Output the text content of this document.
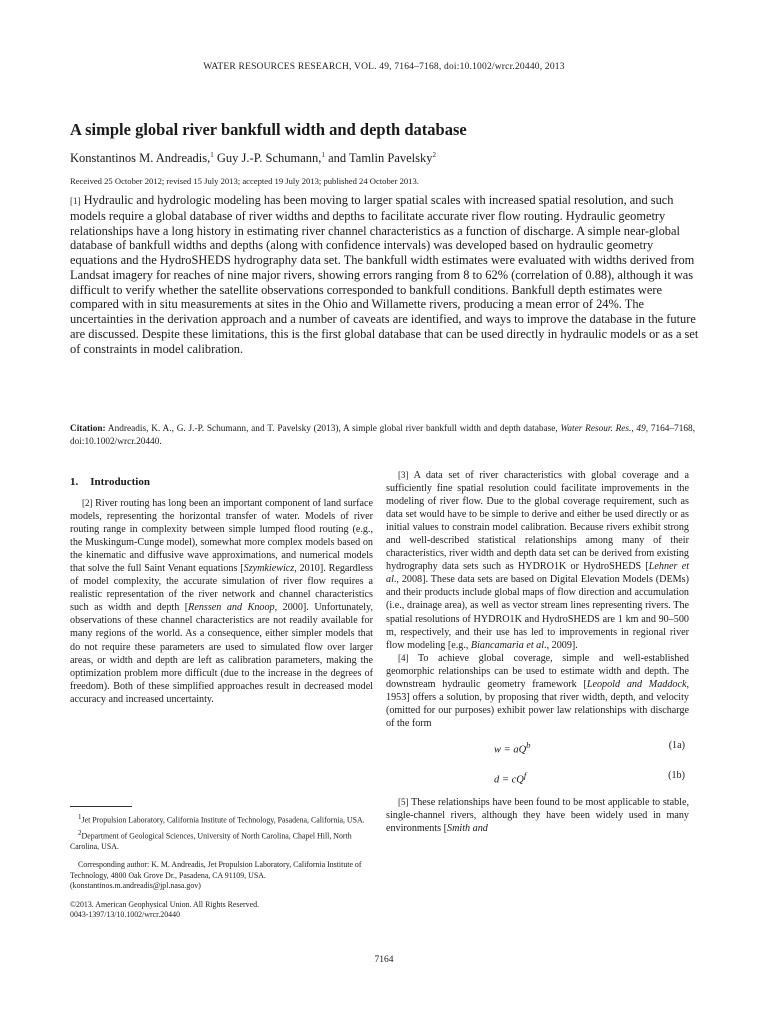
WATER RESOURCES RESEARCH, VOL. 49, 7164–7168, doi:10.1002/wrcr.20440, 2013
A simple global river bankfull width and depth database
Konstantinos M. Andreadis,$^1$ Guy J.-P. Schumann,$^1$ and Tamlin Pavelsky$^2$
Received 25 October 2012; revised 15 July 2013; accepted 19 July 2013; published 24 October 2013.
[1] Hydraulic and hydrologic modeling has been moving to larger spatial scales with increased spatial resolution, and such models require a global database of river widths and depths to facilitate accurate river flow routing. Hydraulic geometry relationships have a long history in estimating river channel characteristics as a function of discharge. A simple near-global database of bankfull widths and depths (along with confidence intervals) was developed based on hydraulic geometry equations and the HydroSHEDS hydrography data set. The bankfull width estimates were evaluated with widths derived from Landsat imagery for reaches of nine major rivers, showing errors ranging from 8 to 62% (correlation of 0.88), although it was difficult to verify whether the satellite observations corresponded to bankfull conditions. Bankfull depth estimates were compared with in situ measurements at sites in the Ohio and Willamette rivers, producing a mean error of 24%. The uncertainties in the derivation approach and a number of caveats are identified, and ways to improve the database in the future are discussed. Despite these limitations, this is the first global database that can be used directly in hydraulic models or as a set of constraints in model calibration.
Citation: Andreadis, K. A., G. J.-P. Schumann, and T. Pavelsky (2013), A simple global river bankfull width and depth database, Water Resour. Res., 49, 7164–7168, doi:10.1002/wrcr.20440.
1. Introduction

[2] River routing has long been an important component of land surface models, representing the horizontal transfer of water. Models of river routing range in complexity between simple lumped flood routing (e.g., the Muskingum-Cunge model), somewhat more complex models based on the kinematic and diffusive wave approximations, and numerical models that solve the full Saint Venant equations [Szymkiewicz, 2010]. Regardless of model complexity, the accurate simulation of river flow requires a realistic representation of the river network and channel characteristics such as width and depth [Renssen and Knoop, 2000]. Unfortunately, observations of these channel characteristics are not readily available for many regions of the world. As a consequence, either simpler models that do not require these parameters are used to simulated flow over larger areas, or width and depth are left as calibration parameters, making the optimization problem more difficult (due to the increase in the degrees of freedom). Both of these simplified approaches result in decreased model accuracy and increased uncertainty.

$^1$Jet Propulsion Laboratory, California Institute of Technology, Pasadena, California, USA.

$^2$Department of Geological Sciences, University of North Carolina, Chapel Hill, North Carolina, USA.

Corresponding author: K. M. Andreadis, Jet Propulsion Laboratory, California Institute of Technology, 4800 Oak Grove Dr., Pasadena, CA 91109, USA. (konstantinos.m.andreadis@jpl.nasa.gov)

©2013. American Geophysical Union. All Rights Reserved.
0043-1397/13/10.1002/wrcr.20440

[3] A data set of river characteristics with global coverage and a sufficiently fine spatial resolution could facilitate improvements in the modeling of river flow. Due to the global coverage requirement, such as data set would have to be simple to derive and either be used directly or as initial values to constrain model calibration. Because rivers exhibit strong and well-described statistical relationships among many of their characteristics, river width and depth data set can be derived from existing hydrography data sets such as HYDRO1K or HydroSHEDS [Lehner et al., 2008]. These data sets are based on Digital Elevation Models (DEMs) and their products include global maps of flow direction and accumulation (i.e., drainage area), as well as vector stream lines representing rivers. The spatial resolutions of HYDRO1K and HydroSHEDS are 1 km and 90–500 m, respectively, and their use has led to improvements in regional river flow modeling [e.g., Biancamaria et al., 2009].

[4] To achieve global coverage, simple and well-established geomorphic relationships can be used to estimate width and depth. The downstream hydraulic geometry framework [Leopold and Maddock, 1953] offers a solution, by proposing that river width, depth, and velocity (omitted for our purposes) exhibit power law relationships with discharge of the form

$w = aQ^b$	(1a)
$d = cQ^f$	(1b)

[5] These relationships have been found to be most applicable to stable, single-channel rivers, although they have been widely used in many environments [Smith and

7164
